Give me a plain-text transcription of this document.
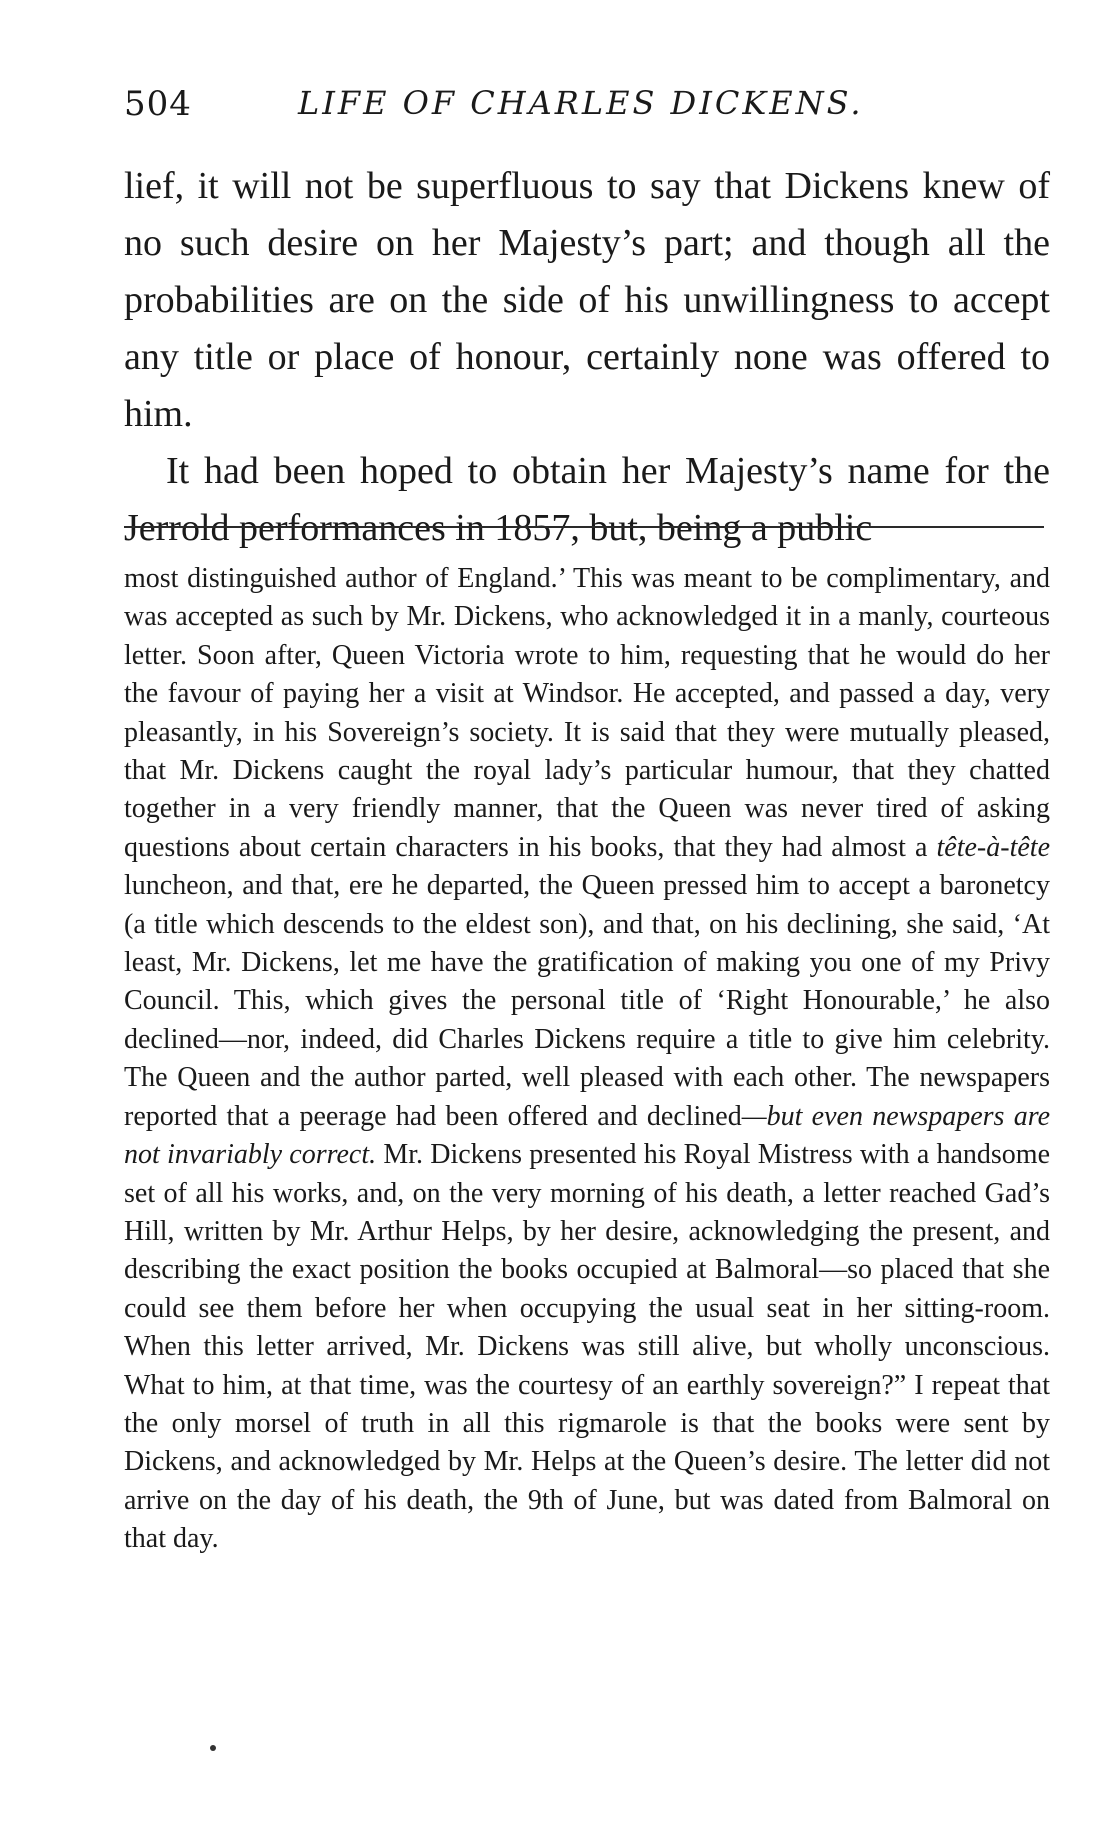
504	LIFE OF CHARLES DICKENS.

lief, it will not be superfluous to say that Dickens knew of no such desire on her Majesty’s part; and though all the probabilities are on the side of his unwillingness to accept any title or place of honour, certainly none was offered to him.

It had been hoped to obtain her Majesty’s name for the Jerrold performances in 1857, but, being a public

most distinguished author of England.’ This was meant to be complimentary, and was accepted as such by Mr. Dickens, who acknowledged it in a manly, courteous letter. Soon after, Queen Victoria wrote to him, requesting that he would do her the favour of paying her a visit at Windsor. He accepted, and passed a day, very pleasantly, in his Sovereign’s society. It is said that they were mutually pleased, that Mr. Dickens caught the royal lady’s particular humour, that they chatted together in a very friendly manner, that the Queen was never tired of asking questions about certain characters in his books, that they had almost a tête-à-tête luncheon, and that, ere he departed, the Queen pressed him to accept a baronetcy (a title which descends to the eldest son), and that, on his declining, she said, ‘At least, Mr. Dickens, let me have the gratification of making you one of my Privy Council. This, which gives the personal title of ‘Right Honourable,’ he also declined—nor, indeed, did Charles Dickens require a title to give him celebrity. The Queen and the author parted, well pleased with each other. The newspapers reported that a peerage had been offered and declined—but even newspapers are not invariably correct. Mr. Dickens presented his Royal Mistress with a handsome set of all his works, and, on the very morning of his death, a letter reached Gad’s Hill, written by Mr. Arthur Helps, by her desire, acknowledging the present, and describing the exact position the books occupied at Balmoral—so placed that she could see them before her when occupying the usual seat in her sitting-room. When this letter arrived, Mr. Dickens was still alive, but wholly unconscious. What to him, at that time, was the courtesy of an earthly sovereign?” I repeat that the only morsel of truth in all this rigmarole is that the books were sent by Dickens, and acknowledged by Mr. Helps at the Queen’s desire. The letter did not arrive on the day of his death, the 9th of June, but was dated from Balmoral on that day.
